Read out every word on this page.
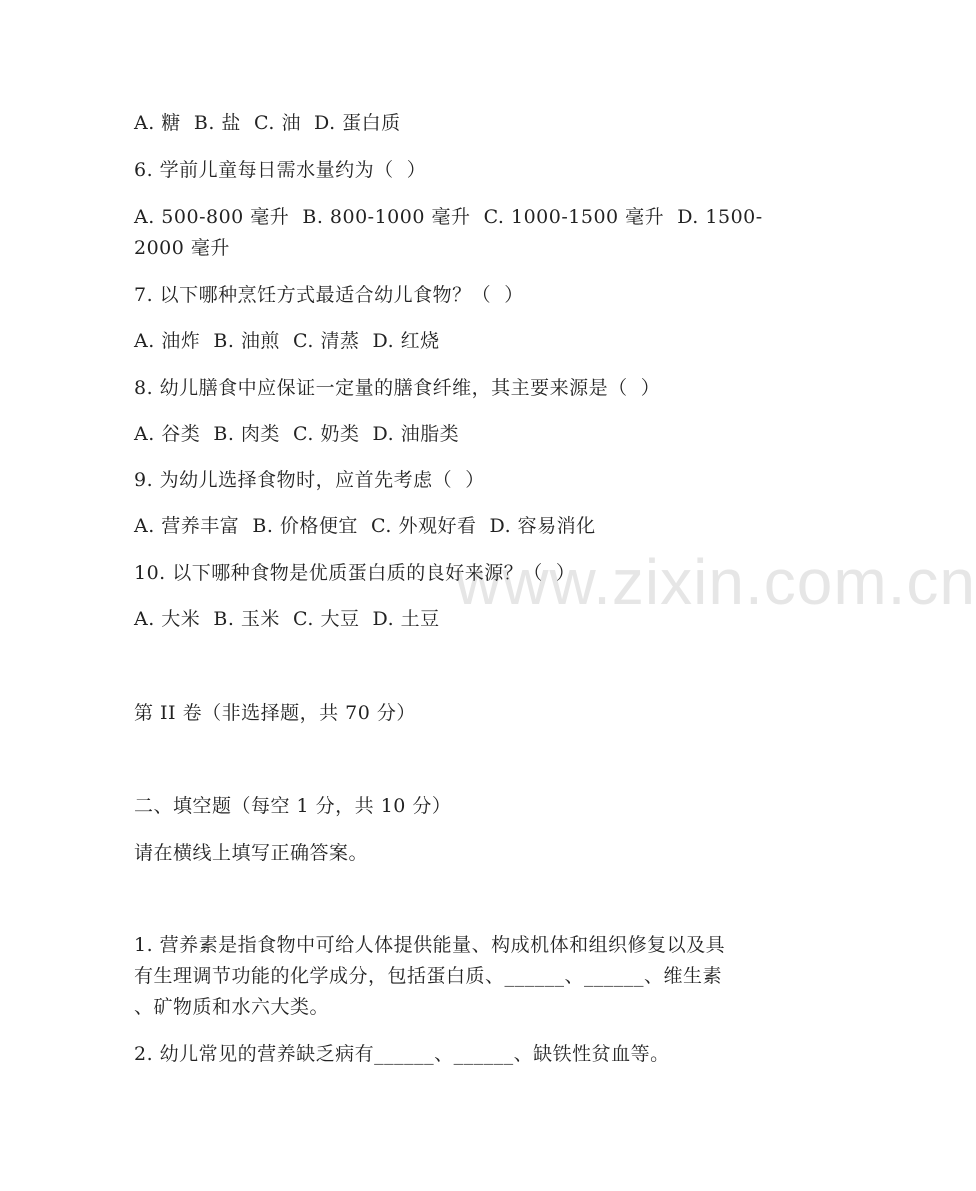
www.zixin.com.cn
A. 糖  B. 盐  C. 油  D. 蛋白质
6. 学前儿童每日需水量约为（  ）
A. 500-800 毫升  B. 800-1000 毫升  C. 1000-1500 毫升  D. 1500-
2000 毫升
7. 以下哪种烹饪方式最适合幼儿食物？（  ）
A. 油炸  B. 油煎  C. 清蒸  D. 红烧
8. 幼儿膳食中应保证一定量的膳食纤维，其主要来源是（  ）
A. 谷类  B. 肉类  C. 奶类  D. 油脂类
9. 为幼儿选择食物时，应首先考虑（  ）
A. 营养丰富  B. 价格便宜  C. 外观好看  D. 容易消化
10. 以下哪种食物是优质蛋白质的良好来源？（  ）
A. 大米  B. 玉米  C. 大豆  D. 土豆
第 II 卷（非选择题，共 70 分）
二、填空题（每空 1 分，共 10 分）
请在横线上填写正确答案。
1. 营养素是指食物中可给人体提供能量、构成机体和组织修复以及具
有生理调节功能的化学成分，包括蛋白质、______、______、维生素
、矿物质和水六大类。
2. 幼儿常见的营养缺乏病有______、______、缺铁性贫血等。
